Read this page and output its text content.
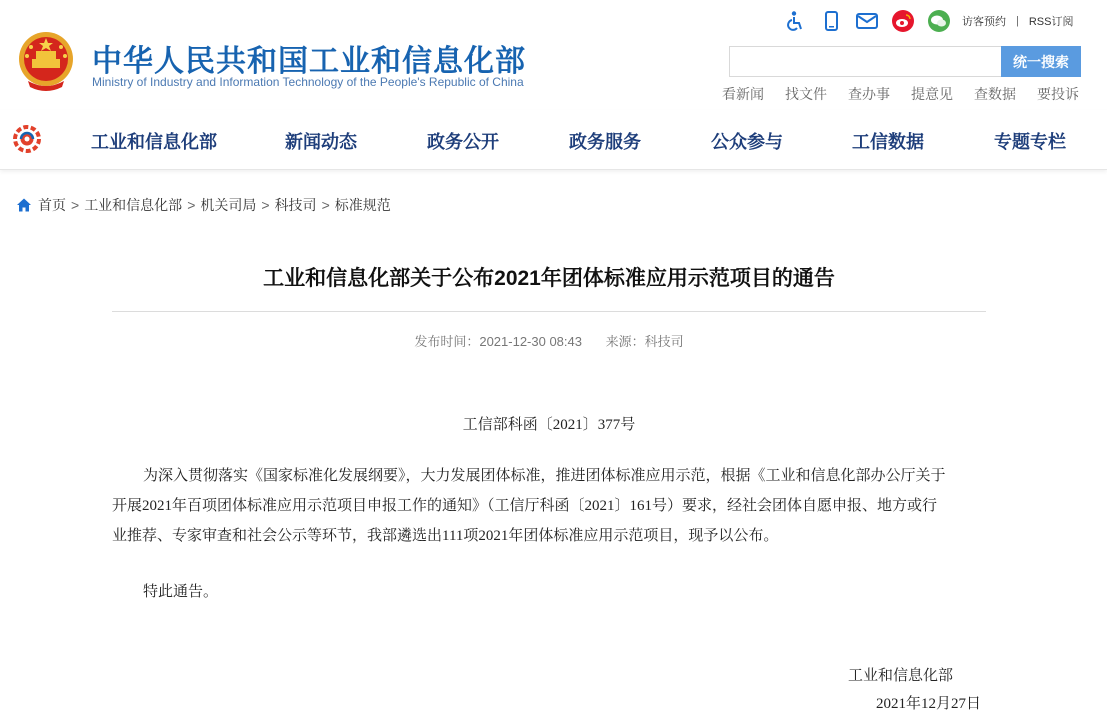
中华人民共和国工业和信息化部
Ministry of Industry and Information Technology of the People's Republic of China
访客预约 | RSS订阅
统一搜索
看新闻 找文件 查办事 提意见 查数据 要投诉
工业和信息化部	新闻动态	政务公开	政务服务	公众参与	工信数据	专题专栏
首页 > 工业和信息化部 > 机关司局 > 科技司 > 标准规范
工业和信息化部关于公布2021年团体标准应用示范项目的通告
发布时间：2021-12-30 08:43 来源：科技司
工信部科函〔2021〕377号
为深入贯彻落实《国家标准化发展纲要》，大力发展团体标准，推进团体标准应用示范，根据《工业和信息化部办公厅关于
开展2021年百项团体标准应用示范项目申报工作的通知》（工信厅科函〔2021〕161号）要求，经社会团体自愿申报、地方或行
业推荐、专家审查和社会公示等环节，我部遴选出111项2021年团体标准应用示范项目，现予以公布。
特此通告。
工业和信息化部
2021年12月27日
